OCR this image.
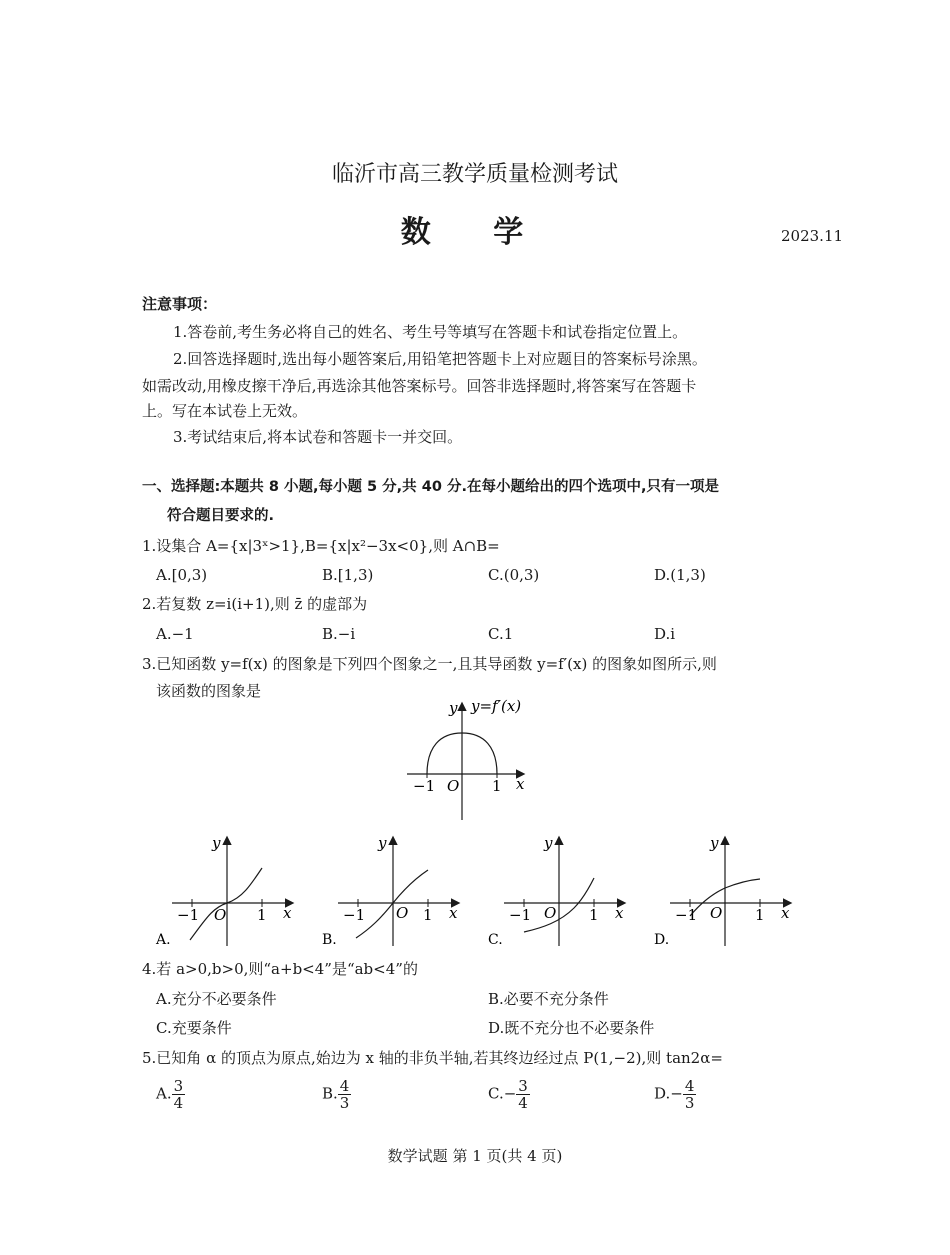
临沂市高三教学质量检测考试
数 学	2023.11
注意事项：
1.答卷前,考生务必将自己的姓名、考生号等填写在答题卡和试卷指定位置上。
2.回答选择题时,选出每小题答案后,用铅笔把答题卡上对应题目的答案标号涂黑。
如需改动,用橡皮擦干净后,再选涂其他答案标号。回答非选择题时,将答案写在答题卡
上。写在本试卷上无效。
3.考试结束后,将本试卷和答题卡一并交回。
一、选择题:本题共 8 小题,每小题 5 分,共 40 分.在每小题给出的四个选项中,只有一项是
符合题目要求的.
1.设集合 A={x|3ˣ>1},B={x|x²−3x<0},则 A∩B=
A.[0,3)	B.[1,3)	C.(0,3)	D.(1,3)
2.若复数 z=i(i+1),则 z̄ 的虚部为
A.−1	B.−i	C.1	D.i
3.已知函数 y=f(x) 的图象是下列四个图象之一,且其导函数 y=f′(x) 的图象如图所示,则
该函数的图象是
y y=f′(x)
x
O
−1	1
y
x
O
−1	1
A.
y
x
O
−1	1
B.
y
x
O
−1	1
C.
y
x
O
−1	1
D.
4.若 a>0,b>0,则“a+b<4”是“ab<4”的
A.充分不必要条件	B.必要不充分条件
C.充要条件	D.既不充分也不必要条件
5.已知角 α 的顶点为原点,始边为 x 轴的非负半轴,若其终边经过点 P(1,−2),则 tan2α=
A. $\frac{3}{4}$	B. $\frac{4}{3}$	$C.- \frac{3}{4}$	$D.- \frac{4}{3}$
数学试题 第 1 页(共 4 页)
